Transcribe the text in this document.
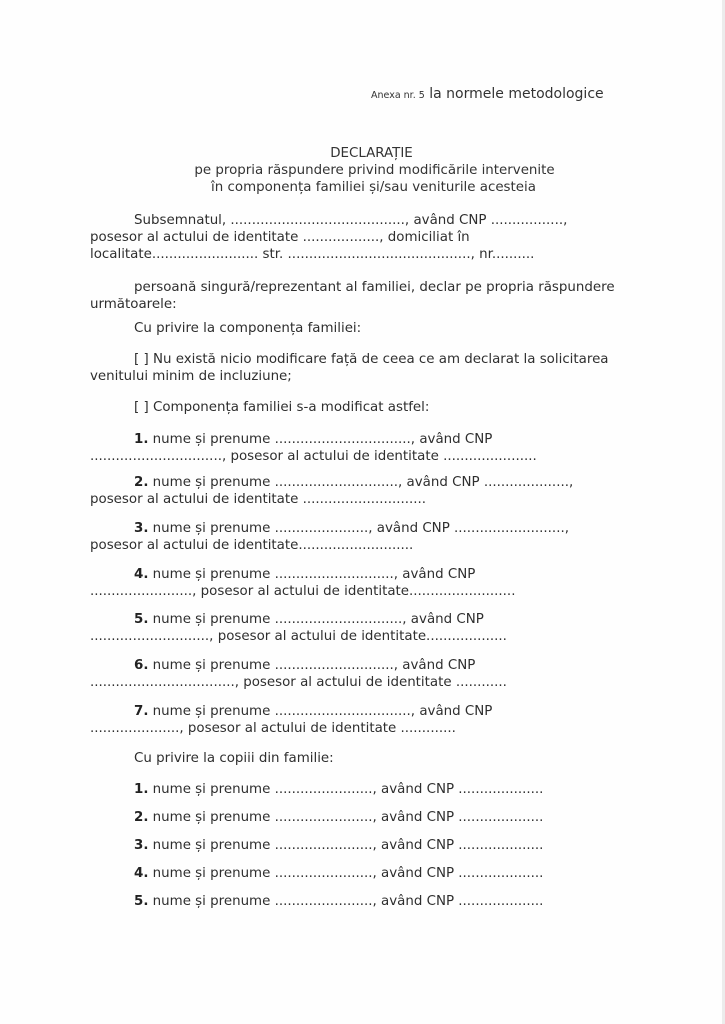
Anexa nr. 5 la normele metodologice
DECLARAȚIE
pe propria răspundere privind modificările intervenite
în componența familiei și/sau veniturile acesteia
Subsemnatul, ........................................., având CNP .................,
posesor al actului de identitate .................., domiciliat în
localitate......................... str. ..........................................., nr..........
persoană singură/reprezentant al familiei, declar pe propria răspundere
următoarele:
Cu privire la componența familiei:
[ ] Nu există nicio modificare față de ceea ce am declarat la solicitarea
venitului minim de incluziune;
[ ] Componența familiei s-a modificat astfel:
1. nume și prenume ................................, având CNP
..............................., posesor al actului de identitate ......................
2. nume și prenume ............................., având CNP ....................,
posesor al actului de identitate .............................
3. nume și prenume ......................, având CNP ..........................,
posesor al actului de identitate...........................
4. nume și prenume ............................, având CNP
........................, posesor al actului de identitate.........................
5. nume și prenume .............................., având CNP
............................, posesor al actului de identitate...................
6. nume și prenume ............................, având CNP
.................................., posesor al actului de identitate ............
7. nume și prenume ................................, având CNP
....................., posesor al actului de identitate .............
Cu privire la copiii din familie:
1. nume și prenume ......................., având CNP ....................
2. nume și prenume ......................., având CNP ....................
3. nume și prenume ......................., având CNP ....................
4. nume și prenume ......................., având CNP ....................
5. nume și prenume ......................., având CNP ....................
